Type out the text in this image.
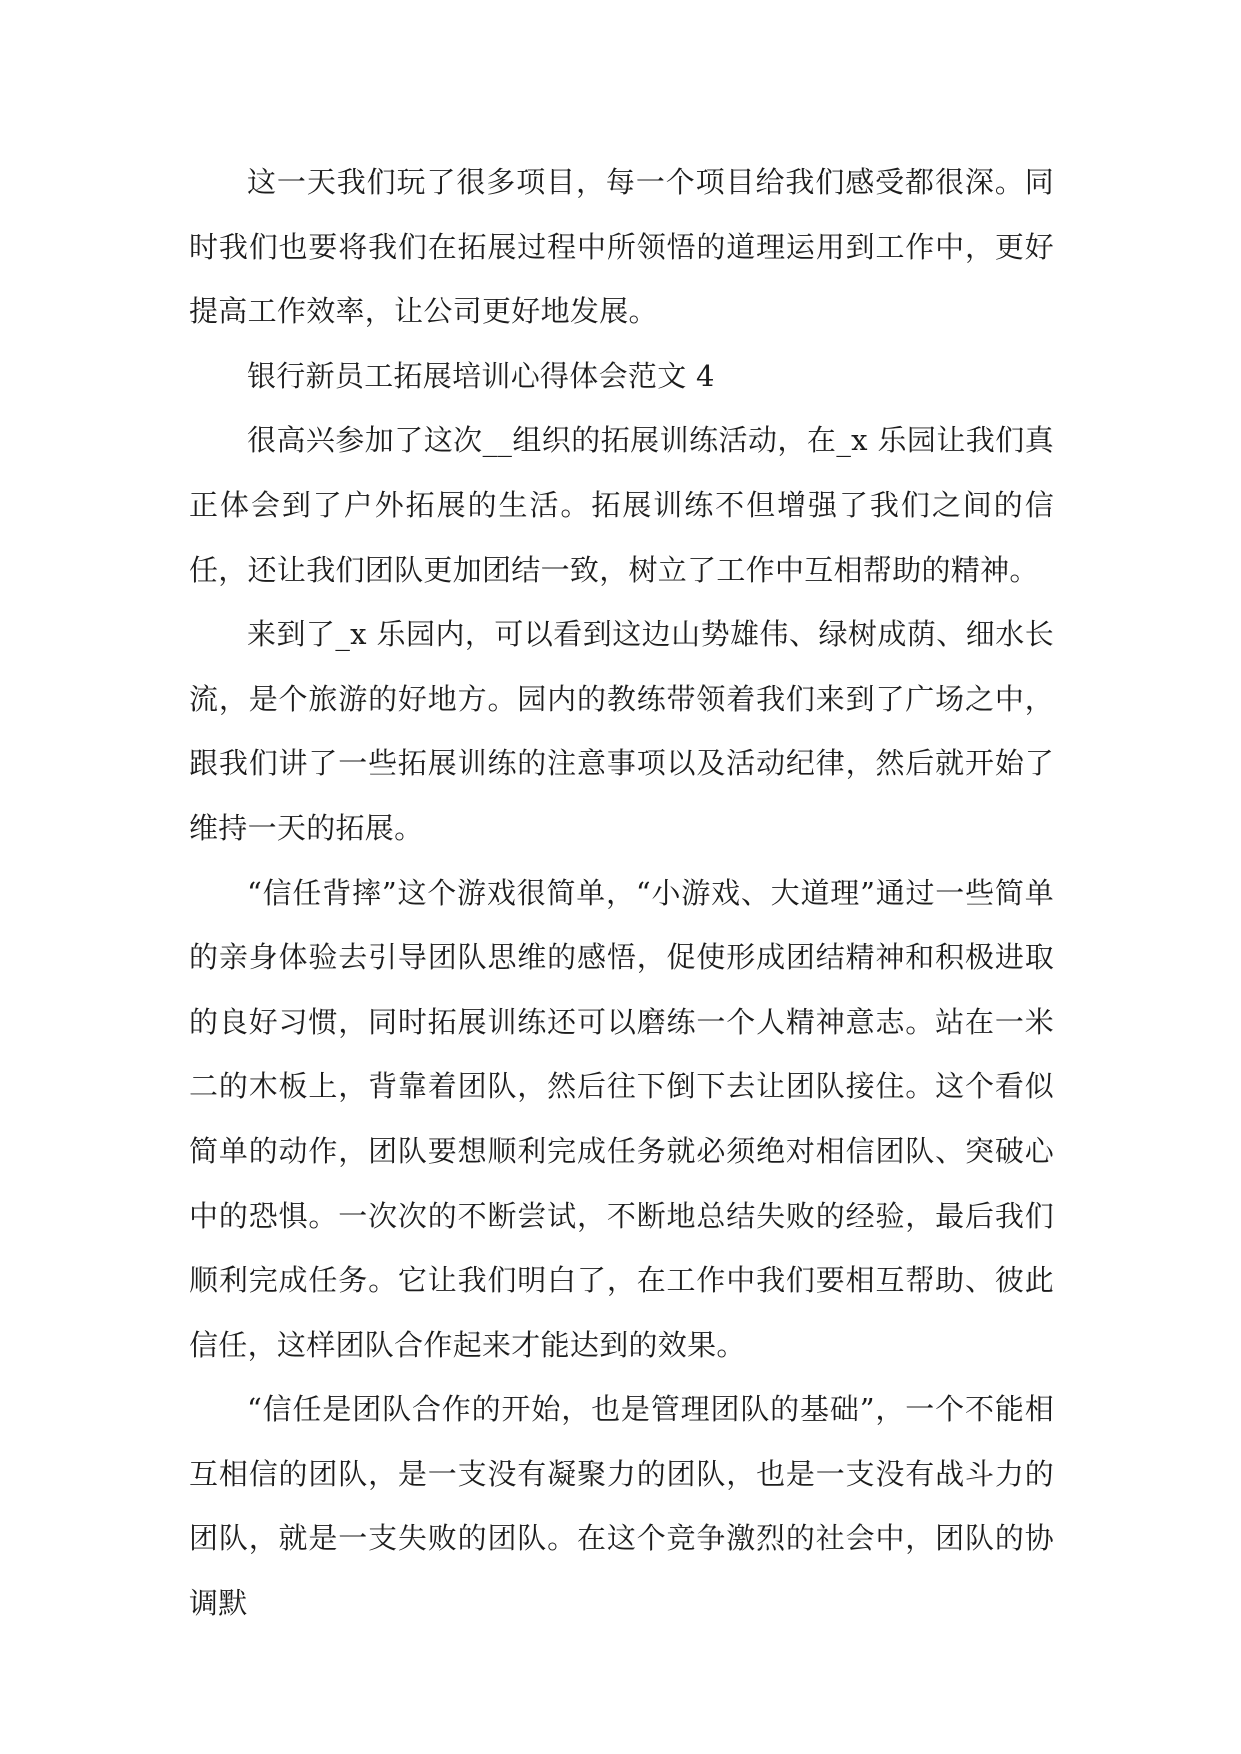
这一天我们玩了很多项目，每一个项目给我们感受都很深。同时我们也要将我们在拓展过程中所领悟的道理运用到工作中，更好提高工作效率，让公司更好地发展。

银行新员工拓展培训心得体会范文 4

很高兴参加了这次__组织的拓展训练活动，在_x 乐园让我们真正体会到了户外拓展的生活。拓展训练不但增强了我们之间的信任，还让我们团队更加团结一致，树立了工作中互相帮助的精神。

来到了_x 乐园内，可以看到这边山势雄伟、绿树成荫、细水长流，是个旅游的好地方。园内的教练带领着我们来到了广场之中，跟我们讲了一些拓展训练的注意事项以及活动纪律，然后就开始了维持一天的拓展。

“信任背摔”这个游戏很简单，“小游戏、大道理”通过一些简单的亲身体验去引导团队思维的感悟，促使形成团结精神和积极进取的良好习惯，同时拓展训练还可以磨练一个人精神意志。站在一米二的木板上，背靠着团队，然后往下倒下去让团队接住。这个看似简单的动作，团队要想顺利完成任务就必须绝对相信团队、突破心中的恐惧。一次次的不断尝试，不断地总结失败的经验，最后我们顺利完成任务。它让我们明白了，在工作中我们要相互帮助、彼此信任，这样团队合作起来才能达到的效果。

“信任是团队合作的开始，也是管理团队的基础”，一个不能相互相信的团队，是一支没有凝聚力的团队，也是一支没有战斗力的团队，就是一支失败的团队。在这个竞争激烈的社会中，团队的协调默
